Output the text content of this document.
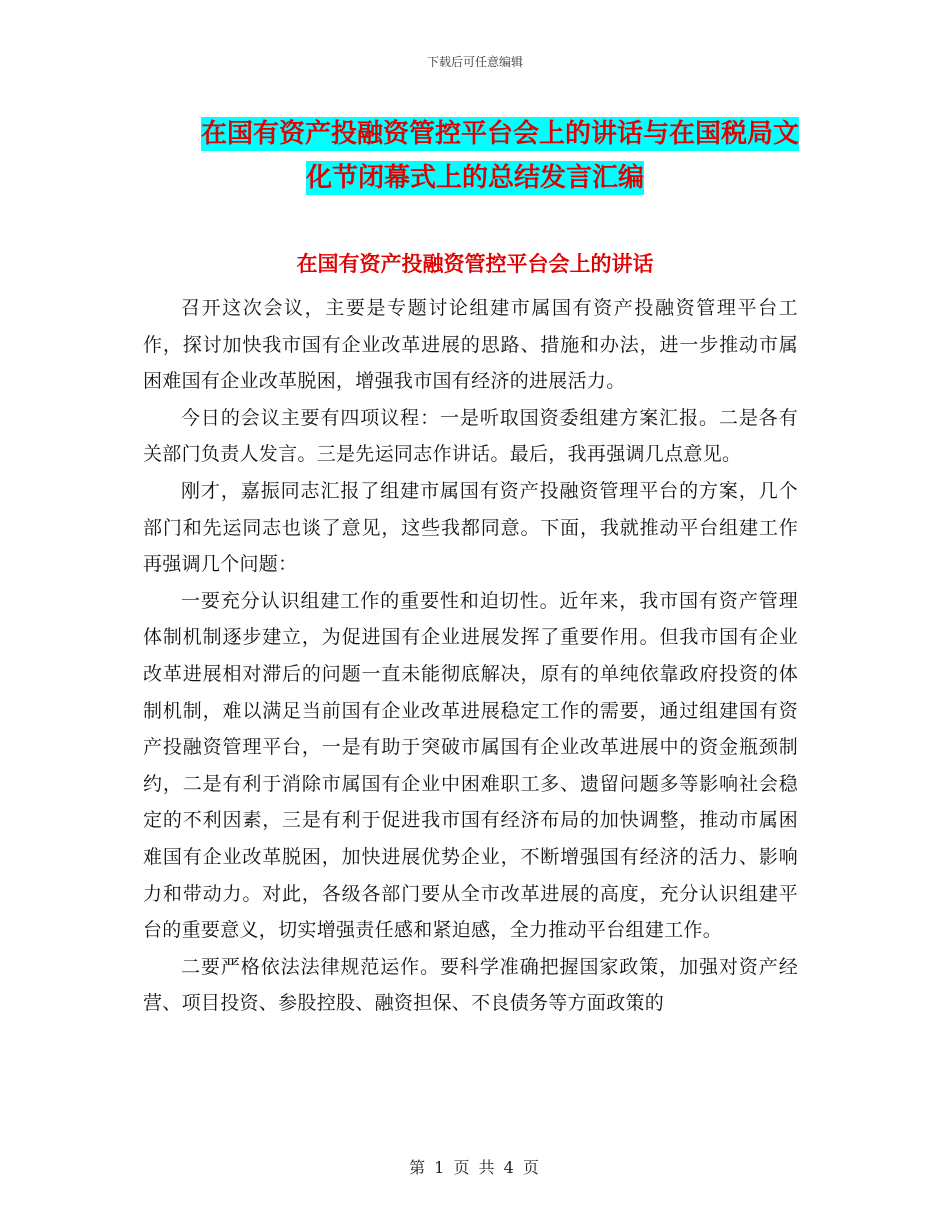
下载后可任意编辑
在国有资产投融资管控平台会上的讲话与在国税局文
化节闭幕式上的总结发言汇编
在国有资产投融资管控平台会上的讲话

召开这次会议，主要是专题讨论组建市属国有资产投融资管理平台工作，探讨加快我市国有企业改革进展的思路、措施和办法，进一步推动市属困难国有企业改革脱困，增强我市国有经济的进展活力。

今日的会议主要有四项议程：一是听取国资委组建方案汇报。二是各有关部门负责人发言。三是先运同志作讲话。最后，我再强调几点意见。

刚才，嘉振同志汇报了组建市属国有资产投融资管理平台的方案，几个部门和先运同志也谈了意见，这些我都同意。下面，我就推动平台组建工作再强调几个问题：

一要充分认识组建工作的重要性和迫切性。近年来，我市国有资产管理体制机制逐步建立，为促进国有企业进展发挥了重要作用。但我市国有企业改革进展相对滞后的问题一直未能彻底解决，原有的单纯依靠政府投资的体制机制，难以满足当前国有企业改革进展稳定工作的需要，通过组建国有资产投融资管理平台，一是有助于突破市属国有企业改革进展中的资金瓶颈制约，二是有利于消除市属国有企业中困难职工多、遗留问题多等影响社会稳定的不利因素，三是有利于促进我市国有经济布局的加快调整，推动市属困难国有企业改革脱困，加快进展优势企业，不断增强国有经济的活力、影响力和带动力。对此，各级各部门要从全市改革进展的高度，充分认识组建平台的重要意义，切实增强责任感和紧迫感，全力推动平台组建工作。

二要严格依法法律规范运作。要科学准确把握国家政策，加强对资产经营、项目投资、参股控股、融资担保、不良债务等方面政策的

第 1 页 共 4 页
